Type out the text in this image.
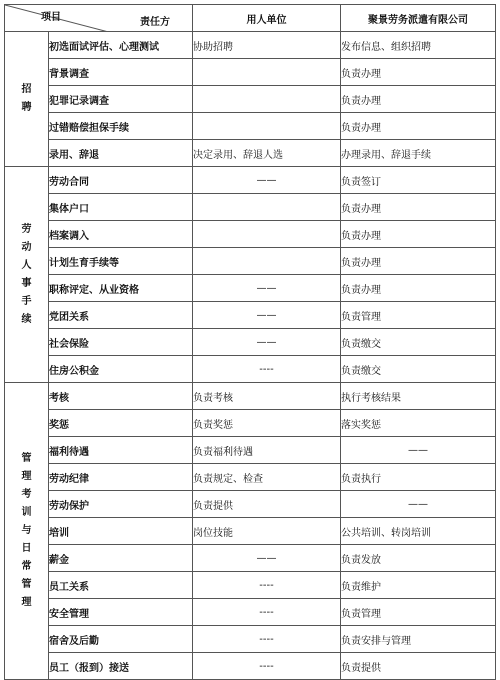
责任方
项目		用人单位	聚景劳务派遣有限公司
招聘	初选面试评估、心理测试	协助招聘	发布信息、组织招聘
	背景调查		负责办理
	犯罪记录调查		负责办理
	过错赔偿担保手续		负责办理
	录用、辞退	决定录用、辞退人选	办理录用、辞退手续
劳动人事手续	劳动合同	——	负责签订
	集体户口		负责办理
	档案调入		负责办理
	计划生育手续等		负责办理
	职称评定、从业资格	——	负责办理
	党团关系	——	负责管理
	社会保险	——	负责缴交
	住房公积金	----	负责缴交
管理考训与日常管理	考核	负责考核	执行考核结果
	奖惩	负责奖惩	落实奖惩
	福利待遇	负责福利待遇	——
	劳动纪律	负责规定、检查	负责执行
	劳动保护	负责提供	——
	培训	岗位技能	公共培训、转岗培训
	薪金	——	负责发放
	员工关系	----	负责维护
	安全管理	----	负责管理
	宿舍及后勤	----	负责安排与管理
	员工（报到）接送	----	负责提供
